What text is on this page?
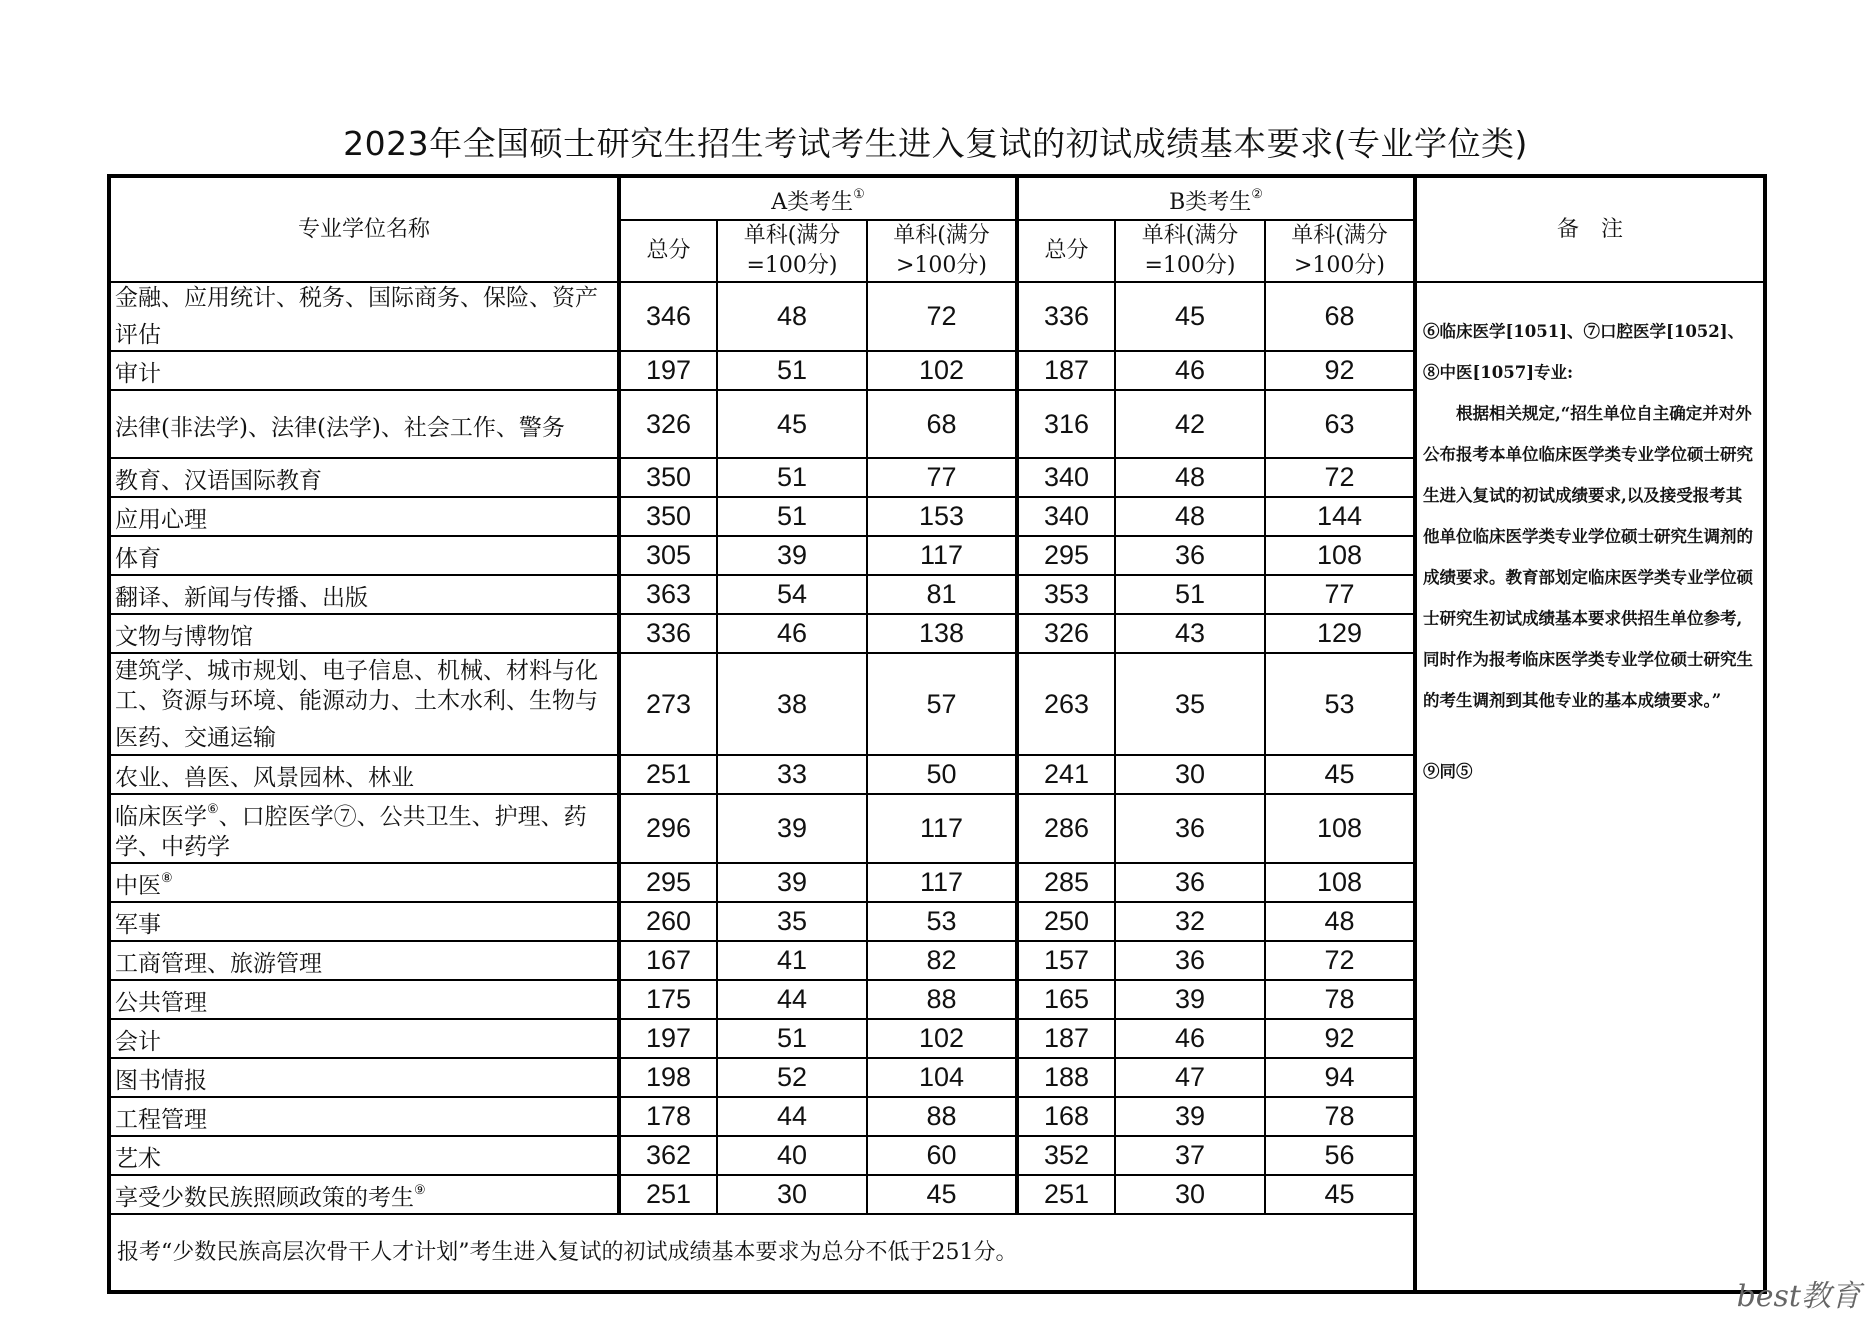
2023年全国硕士研究生招生考试考生进入复试的初试成绩基本要求(专业学位类)
专业学位名称	A类考生①			B类考生②			备　注
	总分	单科(满分=100分)	单科(满分>100分)	总分	单科(满分=100分)	单科(满分>100分)	
金融、应用统计、税务、国际商务、保险、资产评估	346	48	72	336	45	68	⑥临床医学[1051]、⑦口腔医学[1052]、⑧中医[1057]专业:

根据相关规定,“招生单位自主确定并对外公布报考本单位临床医学类专业学位硕士研究生进入复试的初试成绩要求,以及接受报考其他单位临床医学类专业学位硕士研究生调剂的成绩要求。教育部划定临床医学类专业学位硕士研究生初试成绩基本要求供招生单位参考,同时作为报考临床医学类专业学位硕士研究生的考生调剂到其他专业的基本成绩要求。”

⑨同⑤

审计	197	51	102	187	46	92	
法律(非法学)、法律(法学)、社会工作、警务	326	45	68	316	42	63	
教育、汉语国际教育	350	51	77	340	48	72	
应用心理	350	51	153	340	48	144	
体育	305	39	117	295	36	108	
翻译、新闻与传播、出版	363	54	81	353	51	77	
文物与博物馆	336	46	138	326	43	129	
建筑学、城市规划、电子信息、机械、材料与化工、资源与环境、能源动力、土木水利、生物与医药、交通运输	273	38	57	263	35	53	
农业、兽医、风景园林、林业	251	33	50	241	30	45	
临床医学⑥、口腔医学⑦、公共卫生、护理、药学、中药学	296	39	117	286	36	108	
中医⑧	295	39	117	285	36	108	
军事	260	35	53	250	32	48	
工商管理、旅游管理	167	41	82	157	36	72	
公共管理	175	44	88	165	39	78	
会计	197	51	102	187	46	92	
图书情报	198	52	104	188	47	94	
工程管理	178	44	88	168	39	78	
艺术	362	40	60	352	37	56	
享受少数民族照顾政策的考生⑨	251	30	45	251	30	45	
报考“少数民族高层次骨干人才计划”考生进入复试的初试成绩基本要求为总分不低于251分。							
best教育
